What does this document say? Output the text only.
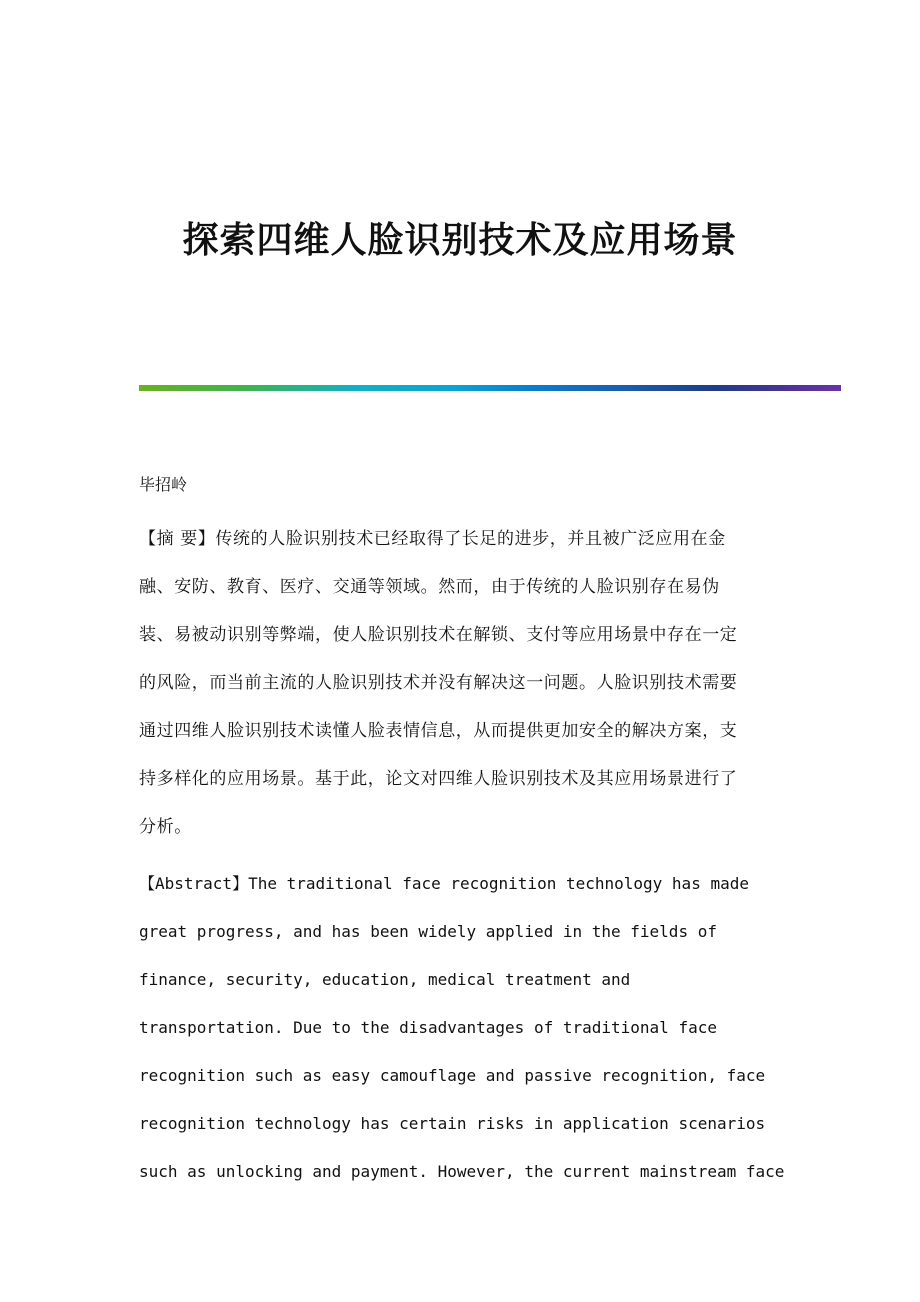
探索四维人脸识别技术及应用场景
毕招岭
【摘 要】传统的人脸识别技术已经取得了长足的进步，并且被广泛应用在金
融、安防、教育、医疗、交通等领域。然而，由于传统的人脸识别存在易伪
装、易被动识别等弊端，使人脸识别技术在解锁、支付等应用场景中存在一定
的风险，而当前主流的人脸识别技术并没有解决这一问题。人脸识别技术需要
通过四维人脸识别技术读懂人脸表情信息，从而提供更加安全的解决方案，支
持多样化的应用场景。基于此，论文对四维人脸识别技术及其应用场景进行了
分析。
【Abstract】The traditional face recognition technology has made
great progress, and has been widely applied in the fields of
finance, security, education, medical treatment and
transportation. Due to the disadvantages of traditional face
recognition such as easy camouflage and passive recognition, face
recognition technology has certain risks in application scenarios
such as unlocking and payment. However, the current mainstream face
